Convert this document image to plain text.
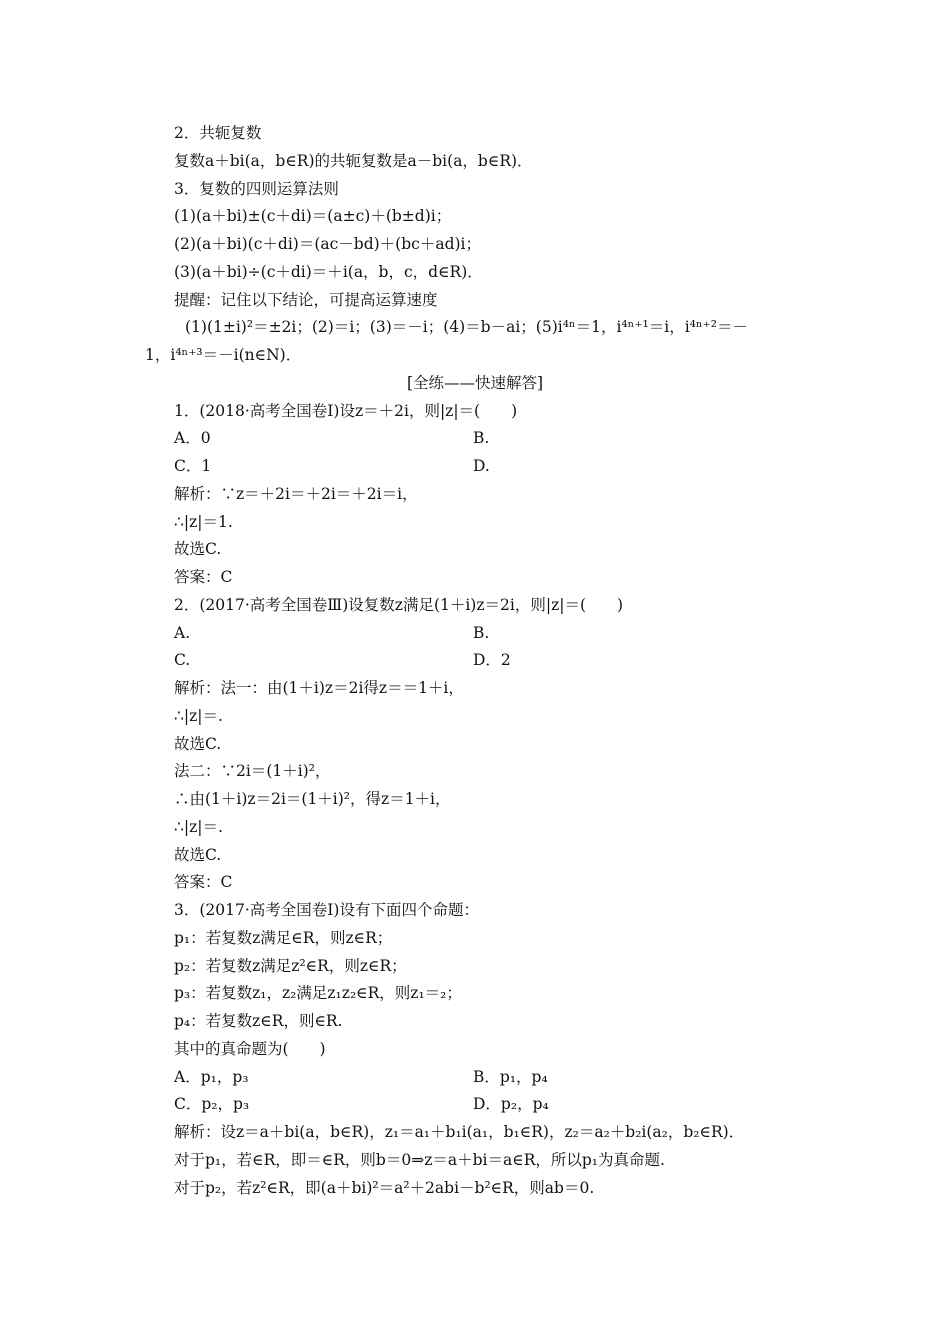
2．共轭复数
复数a＋bi(a，b∈R)的共轭复数是a－bi(a，b∈R)．
3．复数的四则运算法则
(1)(a＋bi)±(c＋di)＝(a±c)＋(b±d)i；
(2)(a＋bi)(c＋di)＝(ac－bd)＋(bc＋ad)i；
(3)(a＋bi)÷(c＋di)＝＋i(a，b，c，d∈R)．
提醒：记住以下结论，可提高运算速度
(1)(1±i)²＝±2i；(2)＝i；(3)＝－i；(4)＝b－ai；(5)i⁴ⁿ＝1，i⁴ⁿ⁺¹＝i，i⁴ⁿ⁺²＝－
1，i⁴ⁿ⁺³＝－i(n∈N)．
[全练——快速解答]
1．(2018·高考全国卷Ⅰ)设z＝＋2i，则|z|＝(　　)
A．0	B.
C．1	D.
解析：∵z＝＋2i＝＋2i＝＋2i＝i，
∴|z|＝1.
故选C.
答案：C
2．(2017·高考全国卷Ⅲ)设复数z满足(1＋i)z＝2i，则|z|＝(　　)
A.	B.
C.	D．2
解析：法一：由(1＋i)z＝2i得z＝＝1＋i，
∴|z|＝.
故选C.
法二：∵2i＝(1＋i)²，
∴由(1＋i)z＝2i＝(1＋i)²，得z＝1＋i，
∴|z|＝.
故选C.
答案：C
3．(2017·高考全国卷Ⅰ)设有下面四个命题：
p₁：若复数z满足∈R，则z∈R；
p₂：若复数z满足z²∈R，则z∈R；
p₃：若复数z₁，z₂满足z₁z₂∈R，则z₁＝₂；
p₄：若复数z∈R，则∈R.
其中的真命题为(　　)
A．p₁，p₃	B．p₁，p₄
C．p₂，p₃	D．p₂，p₄
解析：设z＝a＋bi(a，b∈R)，z₁＝a₁＋b₁i(a₁，b₁∈R)，z₂＝a₂＋b₂i(a₂，b₂∈R)．
对于p₁，若∈R，即＝∈R，则b＝0⇒z＝a＋bi＝a∈R，所以p₁为真命题.
对于p₂，若z²∈R，即(a＋bi)²＝a²＋2abi－b²∈R，则ab＝0.
